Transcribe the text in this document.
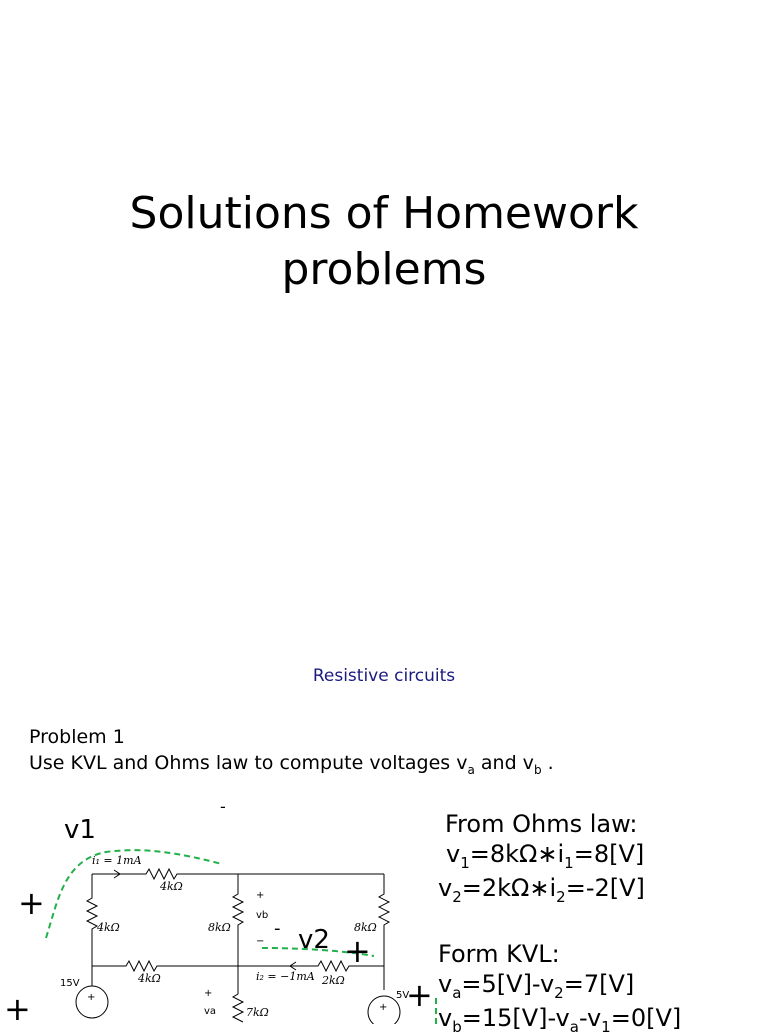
Solutions of Homework
problems
Resistive circuits
Problem 1
Use KVL and Ohms law to compute voltages $v_a$ and $v_b$ .
i₁ = 1mA
4kΩ
4kΩ	8kΩ	8kΩ
4kΩ	i₂ = −1mA 2kΩ
7kΩ
15V
5V
vb
va
+
−
+
+
+
v1
-
+
+
- v2 +
+
From Ohms law:
$v_1=8k\Omega∗i_1=8[V]$
$v_2=2k\Omega∗i_2=-2[V]$
Form KVL:
$v_a=5[V]-v_2=7[V]$
$v_b=15[V]-v_a-v_1=0[V]$
